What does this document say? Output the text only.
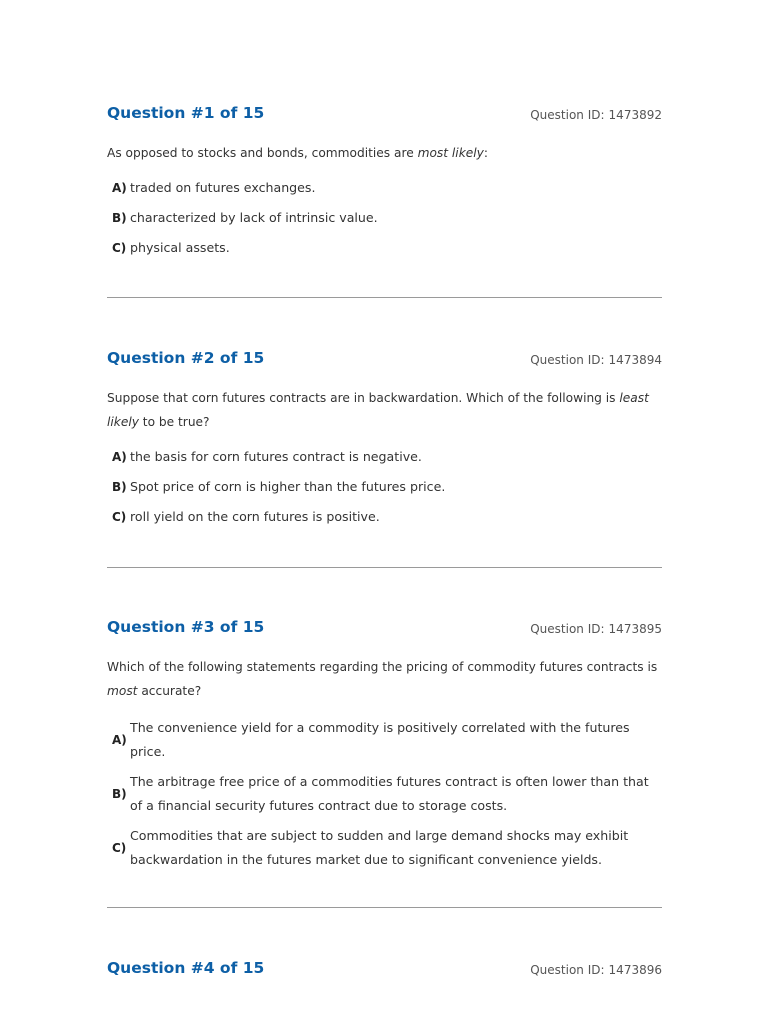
Question #1 of 15	Question ID: 1473892
As opposed to stocks and bonds, commodities are most likely:
A) traded on futures exchanges.
B) characterized by lack of intrinsic value.
C) physical assets.
Question #2 of 15	Question ID: 1473894
Suppose that corn futures contracts are in backwardation. Which of the following is least likely to be true?
A) the basis for corn futures contract is negative.
B) Spot price of corn is higher than the futures price.
C) roll yield on the corn futures is positive.
Question #3 of 15	Question ID: 1473895
Which of the following statements regarding the pricing of commodity futures contracts is most accurate?
A)
The convenience yield for a commodity is positively correlated with the futures price.
B)
The arbitrage free price of a commodities futures contract is often lower than that of a financial security futures contract due to storage costs.
C)
Commodities that are subject to sudden and large demand shocks may exhibit backwardation in the futures market due to significant convenience yields.
Question #4 of 15	Question ID: 1473896
